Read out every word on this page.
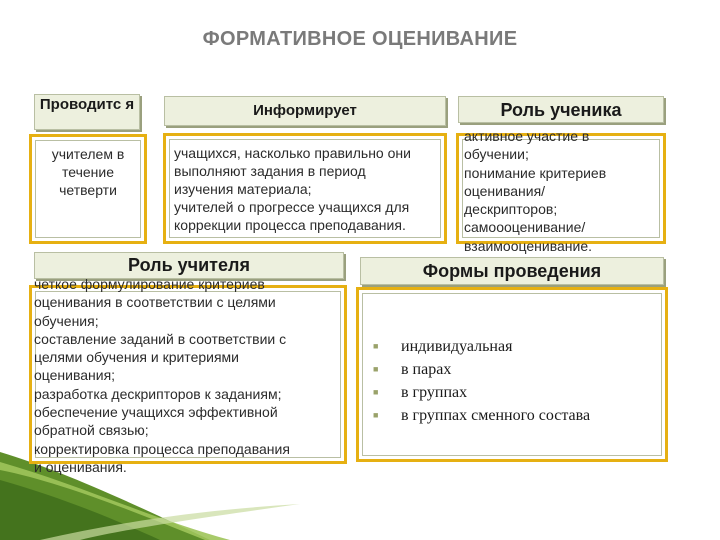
ФОРМАТИВНОЕ ОЦЕНИВАНИЕ
Проводитс я	Информирует	Роль ученика
учителем в
течение
четверти
учащихся, насколько правильно они
выполняют задания в период
изучения материала;
учителей о прогрессе учащихся для
коррекции процесса преподавания.
активное участие в
обучении;
понимание критериев
оценивания/
дескрипторов;
самоооценивание/
взаимооценивание.
Роль учителя	Формы проведения
четкое формулирование критериев
оценивания в соответствии с целями
обучения;
составление заданий в соответствии с
целями обучения и критериями
оценивания;
разработка дескрипторов к заданиям;
обеспечение учащихся эффективной
обратной связью;
корректировка процесса преподавания
и оценивания.
■ индивидуальная
■ в парах
■ в группах
■ в группах сменного состава
